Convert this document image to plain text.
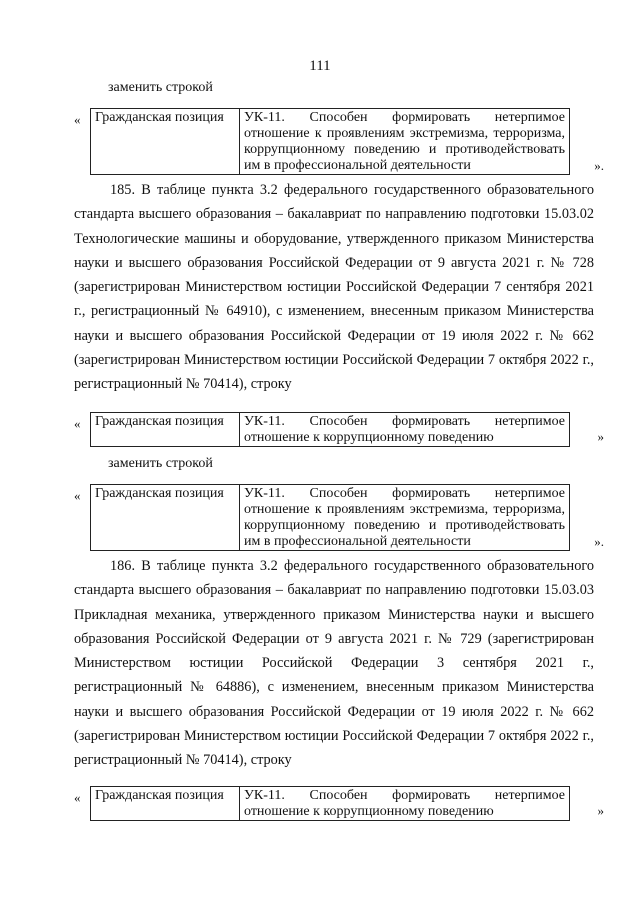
111
заменить строкой
« Гражданская позиция	УК-11. Способен формировать нетерпимое отношение к проявлениям экстремизма, терроризма, коррупционному поведению и противодействовать им в профессиональной деятельности	».
185. В таблице пункта 3.2 федерального государственного образовательного стандарта высшего образования – бакалавриат по направлению подготовки 15.03.02 Технологические машины и оборудование, утвержденного приказом Министерства науки и высшего образования Российской Федерации от 9 августа 2021 г. № 728 (зарегистрирован Министерством юстиции Российской Федерации 7 сентября 2021 г., регистрационный № 64910), с изменением, внесенным приказом Министерства науки и высшего образования Российской Федерации от 19 июля 2022 г. № 662 (зарегистрирован Министерством юстиции Российской Федерации 7 октября 2022 г., регистрационный № 70414), строку
« Гражданская позиция	УК-11. Способен формировать нетерпимое отношение к коррупционному поведению	»
заменить строкой
« Гражданская позиция	УК-11. Способен формировать нетерпимое отношение к проявлениям экстремизма, терроризма, коррупционному поведению и противодействовать им в профессиональной деятельности	».
186. В таблице пункта 3.2 федерального государственного образовательного стандарта высшего образования – бакалавриат по направлению подготовки 15.03.03 Прикладная механика, утвержденного приказом Министерства науки и высшего образования Российской Федерации от 9 августа 2021 г. № 729 (зарегистрирован Министерством юстиции Российской Федерации 3 сентября 2021 г., регистрационный № 64886), с изменением, внесенным приказом Министерства науки и высшего образования Российской Федерации от 19 июля 2022 г. № 662 (зарегистрирован Министерством юстиции Российской Федерации 7 октября 2022 г., регистрационный № 70414), строку
« Гражданская позиция	УК-11. Способен формировать нетерпимое отношение к коррупционному поведению	»
